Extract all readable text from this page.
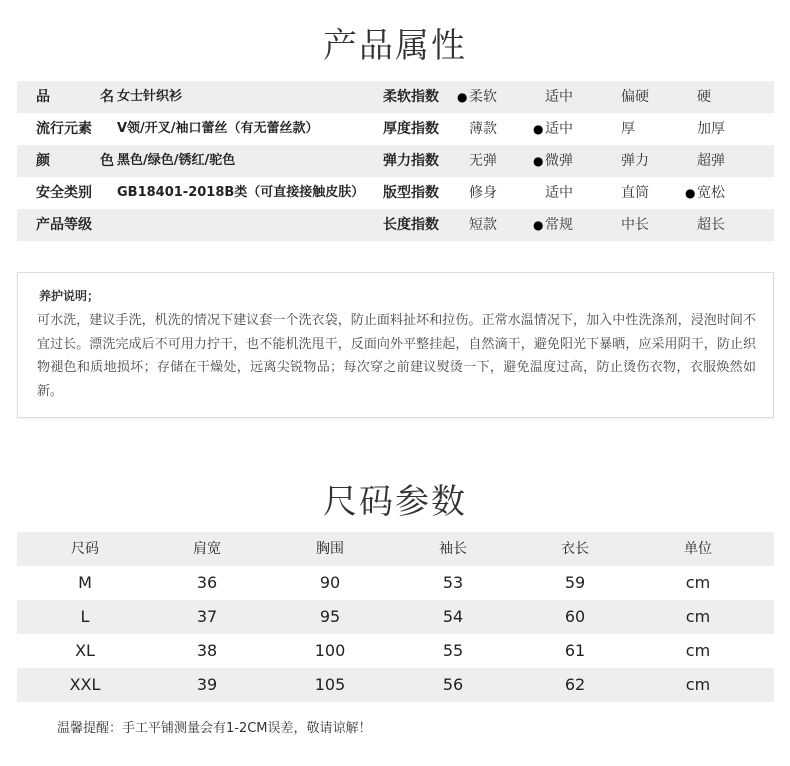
产品属性
品	名 女士针织衫	柔软指数 ● 柔软	适中	偏硬	硬
流行元素 V领/开叉/袖口蕾丝（有无蕾丝款）	厚度指数 薄款	● 适中	厚	加厚
颜	色 黑色/绿色/锈红/驼色	弹力指数 无弹	● 微弹	弹力	超弹
安全类别 GB18401-2018B类（可直接接触皮肤） 版型指数 修身	适中	直筒	● 宽松
产品等级	长度指数 短款	● 常规	中长	超长
养护说明；
可水洗，建议手洗，机洗的情况下建议套一个洗衣袋，防止面料扯坏和拉伤。正常水温情况下，加入中性洗涤剂，浸泡时间不宜过长。漂洗完成后不可用力拧干，也不能机洗甩干，反面向外平整挂起，自然滴干，避免阳光下暴晒，应采用阴干，防止织物褪色和质地损坏；存储在干燥处，远离尖锐物品；每次穿之前建议熨烫一下，避免温度过高，防止烫伤衣物，衣服焕然如新。
尺码参数
尺码	肩宽	胸围	袖长	衣长	单位
M	36	90	53	59	cm
L	37	95	54	60	cm
XL	38	100	55	61	cm
XXL	39	105	56	62	cm
温馨提醒：手工平铺测量会有1-2CM误差，敬请谅解！
